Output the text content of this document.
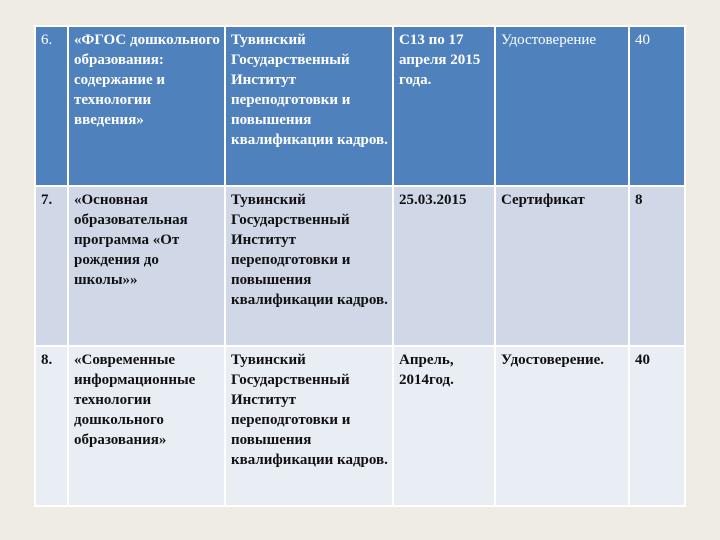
6.	«ФГОС дошкольного образования: содержание и технологии введения»	Тувинский Государственный Институт переподготовки и повышения квалификации кадров.	С13 по 17 апреля 2015 года.	Удостоверение	40
7.	«Основная образовательная программа «От рождения до школы»»	Тувинский Государственный Институт переподготовки и повышения квалификации кадров.	25.03.2015	Сертификат	8
8.	«Современные информационные технологии дошкольного образования»	Тувинский Государственный Институт переподготовки и повышения квалификации кадров.	Апрель, 2014год.	Удостоверение.	40
